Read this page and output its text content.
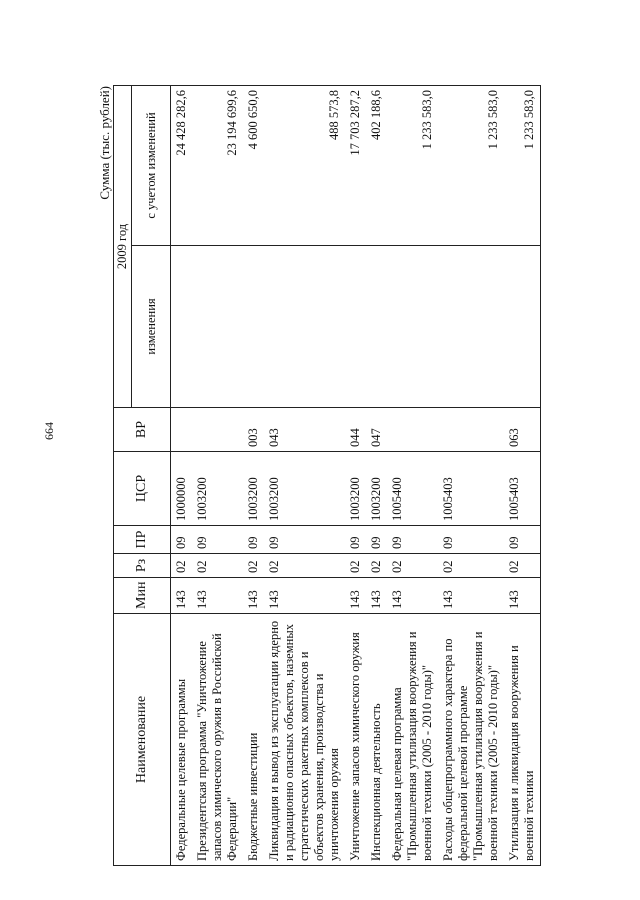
664
Сумма (тыс. рублей)
Наименование	Мин	Рз	ПР	ЦСР	ВР	2009 год	
						изменения	с учетом изменений
Федеральные целевые программы	143	02	09	1000000			24 428 282,6
Президентская программа "Уничтожение запасов химического оружия в Российской Федерации"	143	02	09	1003200			23 194 699,6
Бюджетные инвестиции	143	02	09	1003200	003		4 600 650,0
Ликвидация и вывод из эксплуатации ядерно и радиационно опасных объектов, наземных стратегических ракетных комплексов и объектов хранения, производства и уничтожения оружия	143	02	09	1003200	043		488 573,8
Уничтожение запасов химического оружия	143	02	09	1003200	044		17 703 287,2
Инспекционная деятельность	143	02	09	1003200	047		402 188,6
Федеральная целевая программа "Промышленная утилизация вооружения и военной техники (2005 - 2010 годы)"	143	02	09	1005400			1 233 583,0
Расходы общепрограммного характера по федеральной целевой программе "Промышленная утилизация вооружения и военной техники (2005 - 2010 годы)"	143	02	09	1005403			1 233 583,0
Утилизация и ликвидация вооружения и военной техники	143	02	09	1005403	063		1 233 583,0
